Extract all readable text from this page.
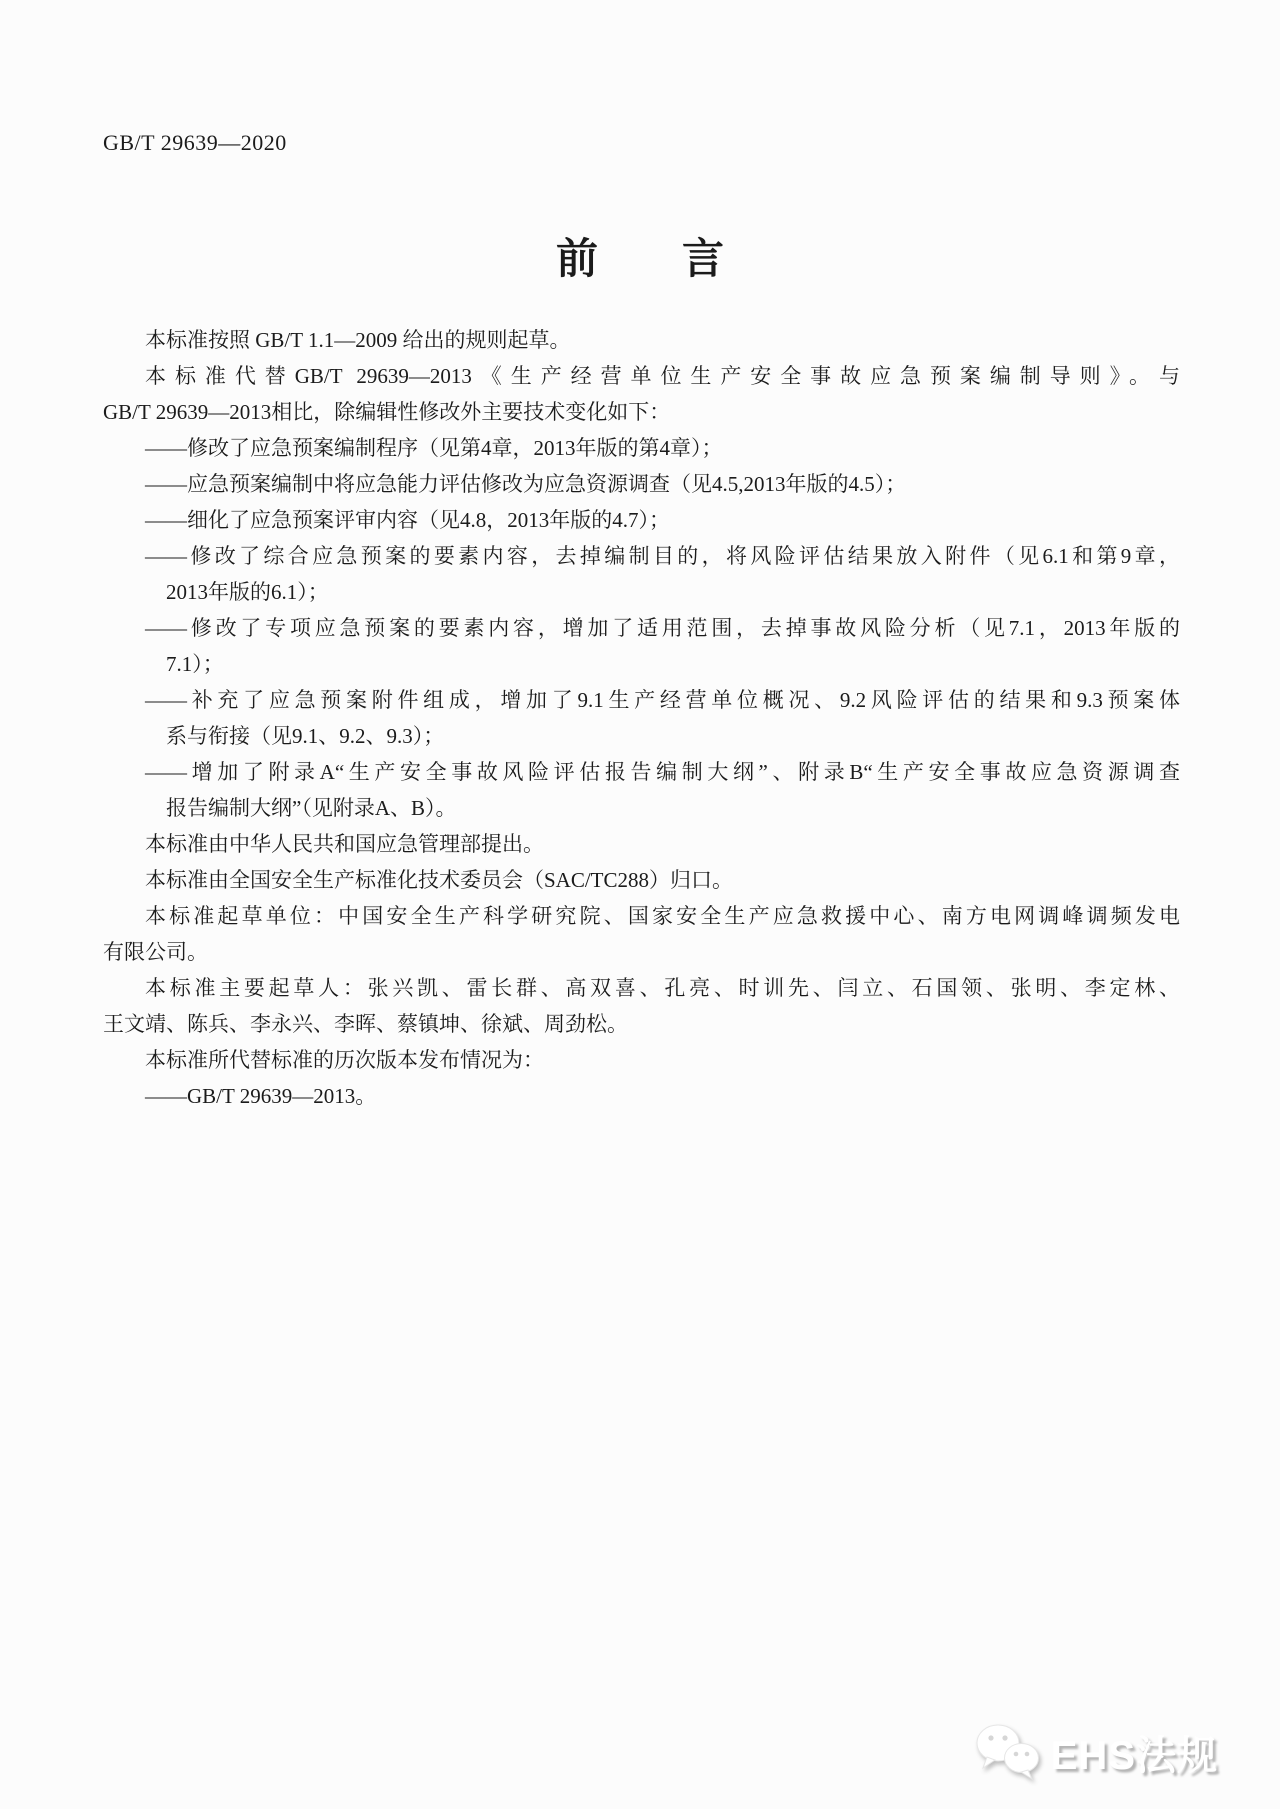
GB/T 29639—2020
前　　言
本标准按照 GB/T 1.1—2009 给出的规则起草。
本标准代替GB/T 29639—2013《生产经营单位生产安全事故应急预案编制导则》。与
GB/T 29639—2013相比，除编辑性修改外主要技术变化如下：
——修改了应急预案编制程序（见第4章，2013年版的第4章）；
——应急预案编制中将应急能力评估修改为应急资源调查（见4.5,2013年版的4.5）；
——细化了应急预案评审内容（见4.8，2013年版的4.7）；
——修改了综合应急预案的要素内容，去掉编制目的，将风险评估结果放入附件（见6.1和第9章，
2013年版的6.1）；
——修改了专项应急预案的要素内容，增加了适用范围，去掉事故风险分析（见7.1，2013年版的
7.1）；
——补充了应急预案附件组成，增加了9.1生产经营单位概况、9.2风险评估的结果和9.3预案体
系与衔接（见9.1、9.2、9.3）；
——增加了附录A“生产安全事故风险评估报告编制大纲”、附录B“生产安全事故应急资源调查
报告编制大纲”（见附录A、B）。
本标准由中华人民共和国应急管理部提出。
本标准由全国安全生产标准化技术委员会（SAC/TC288）归口。
本标准起草单位：中国安全生产科学研究院、国家安全生产应急救援中心、南方电网调峰调频发电
有限公司。
本标准主要起草人：张兴凯、雷长群、高双喜、孔亮、时训先、闫立、石国领、张明、李定林、
王文靖、陈兵、李永兴、李晖、蔡镇坤、徐斌、周劲松。
本标准所代替标准的历次版本发布情况为：
——GB/T 29639—2013。
EHS法规
